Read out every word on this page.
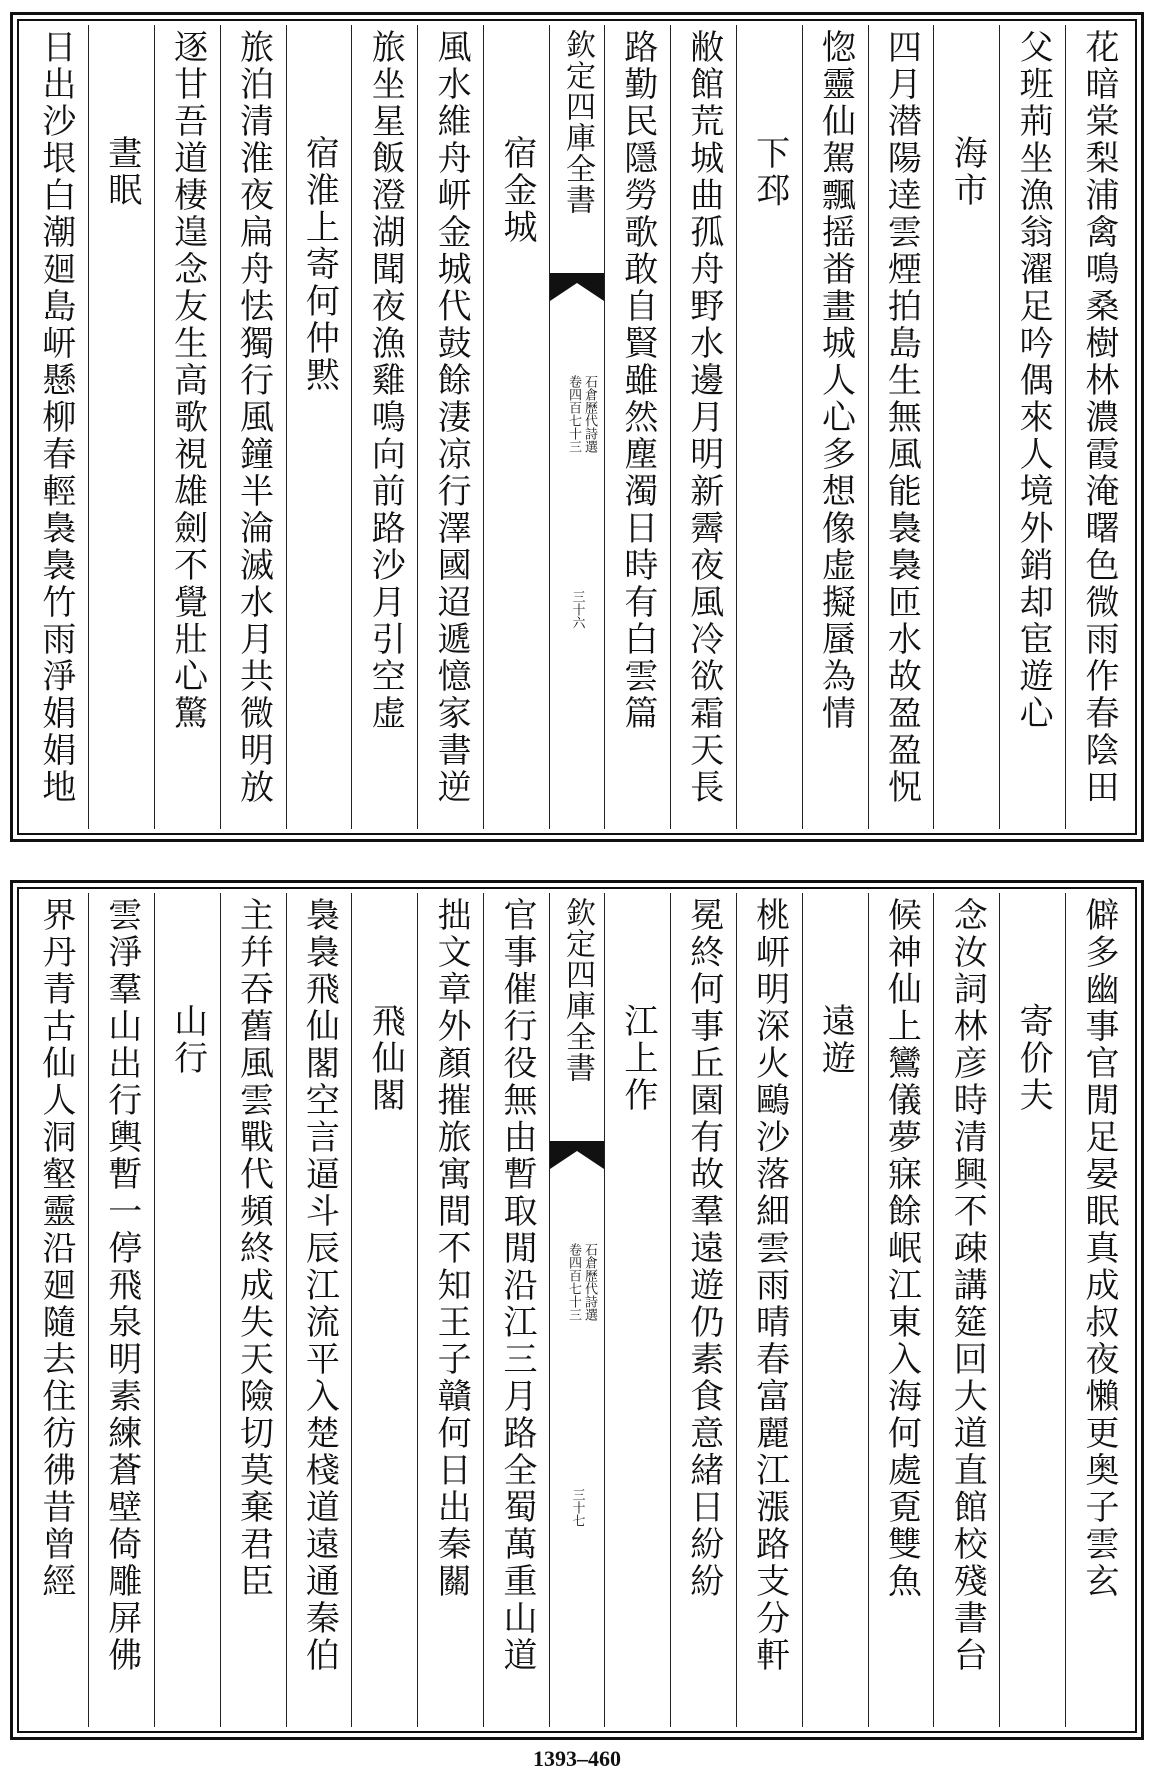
花暗棠梨浦禽鳴桑樹林濃霞淹曙色微雨作春陰田
父班荊坐漁翁濯足吟偶來人境外銷却宦遊心
海市
四月潜陽逹雲煙拍島生無風能裊裊匝水故盈盈怳
惚靈仙駕飄摇畨畫城人心多想像虚擬蜃為情
下邳
敝館荒城曲孤舟野水邊月明新霽夜風冷欲霜天長
路勤民隱勞歌敢自賢雖然塵濁日時有白雲篇
欽定四庫全書
石倉歷代詩選
卷四百七十三
三十六
宿金城
風水維舟岍金城代鼓餘淒凉行澤國迢遞憶家書逆
旅坐星飯澄湖聞夜漁雞鳴向前路沙月引空虚
宿淮上寄何仲黙
旅泊清淮夜扁舟怯獨行風鐘半淪滅水月共微明放
逐甘吾道棲遑念友生高歌視雄劍不覺壯心驚
晝眠
日出沙垠白潮廻島岍懸柳春輕裊裊竹雨淨娟娟地
僻多幽事官閒足晏眠真成叔夜懶更奥子雲玄
寄价夫
念汝詞林彦時清興不疎講筵回大道直館校殘書台
候神仙上鸞儀夢寐餘岷江東入海何處覔雙魚
遠遊
桃岍明深火鷗沙落細雲雨晴春富麗江漲路支分軒
冕終何事丘園有故羣遠遊仍素食意緒日紛紛
江上作
欽定四庫全書
石倉歷代詩選
卷四百七十三
三十七
官事催行役無由暫取閒沿江三月路全蜀萬重山道
拙文章外顏摧旅寓間不知王子贛何日出秦關
飛仙閣
裊裊飛仙閣空言逼斗辰江流平入楚棧道遠通秦伯
主幷吞舊風雲戰代頻終成失天險切莫棄君臣
山行
雲淨羣山出行輿暫一停飛泉明素練蒼壁倚雕屏佛
界丹青古仙人洞壑靈沿廻隨去住彷彿昔曾經
1393–460
